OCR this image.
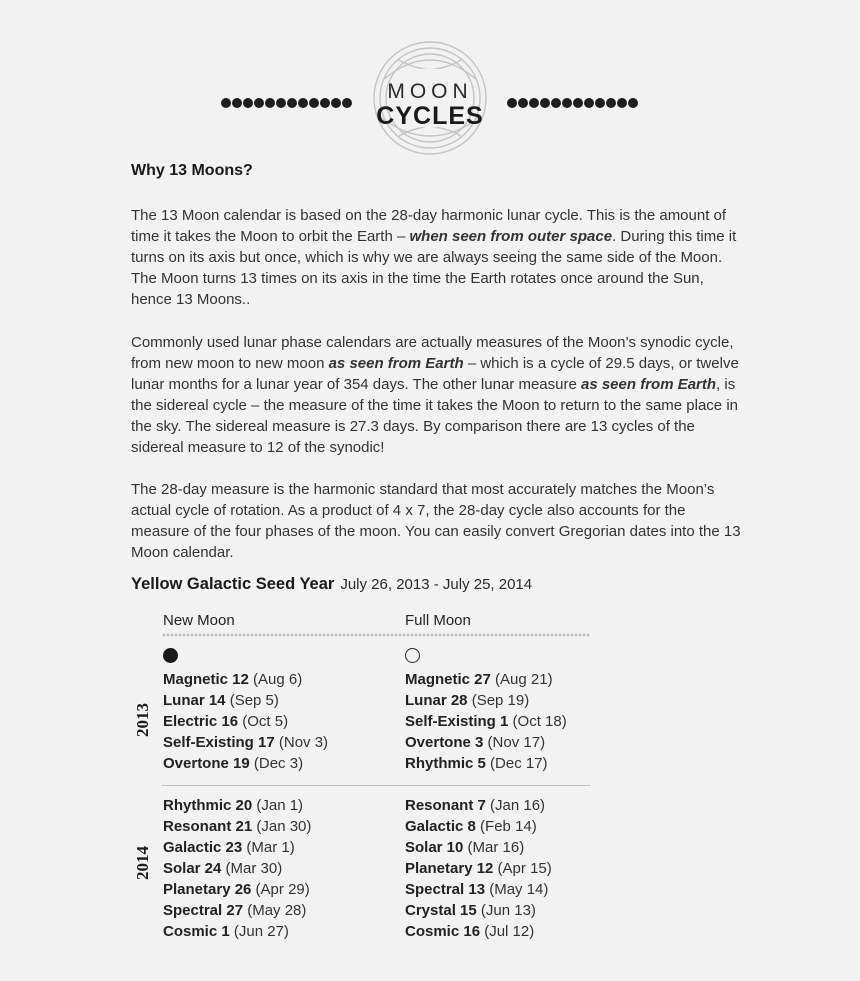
MOON
CYCLES
Why 13 Moons?

The 13 Moon calendar is based on the 28-day harmonic lunar cycle. This is the amount of time it takes the Moon to orbit the Earth – when seen from outer space. During this time it turns on its axis but once, which is why we are always seeing the same side of the Moon. The Moon turns 13 times on its axis in the time the Earth rotates once around the Sun, hence 13 Moons..

Commonly used lunar phase calendars are actually measures of the Moon’s synodic cycle, from new moon to new moon as seen from Earth – which is a cycle of 29.5 days, or twelve lunar months for a lunar year of 354 days. The other lunar measure as seen from Earth, is the sidereal cycle – the measure of the time it takes the Moon to return to the same place in the sky. The sidereal measure is 27.3 days. By comparison there are 13 cycles of the sidereal measure to 12 of the synodic!

The 28-day measure is the harmonic standard that most accurately matches the Moon’s actual cycle of rotation. As a product of 4 x 7, the 28-day cycle also accounts for the measure of the four phases of the moon. You can easily convert Gregorian dates into the 13 Moon calendar.

Yellow Galactic Seed Year July 26, 2013 - July 25, 2014
New Moon	Full Moon
2013
Magnetic 12 (Aug 6)
Lunar 14 (Sep 5)
Electric 16 (Oct 5)
Self-Existing 17 (Nov 3)
Overtone 19 (Dec 3)
Magnetic 27 (Aug 21)
Lunar 28 (Sep 19)
Self-Existing 1 (Oct 18)
Overtone 3 (Nov 17)
Rhythmic 5 (Dec 17)
2014
Rhythmic 20 (Jan 1)
Resonant 21 (Jan 30)
Galactic 23 (Mar 1)
Solar 24 (Mar 30)
Planetary 26 (Apr 29)
Spectral 27 (May 28)
Cosmic 1 (Jun 27)
Resonant 7 (Jan 16)
Galactic 8 (Feb 14)
Solar 10 (Mar 16)
Planetary 12 (Apr 15)
Spectral 13 (May 14)
Crystal 15 (Jun 13)
Cosmic 16 (Jul 12)
